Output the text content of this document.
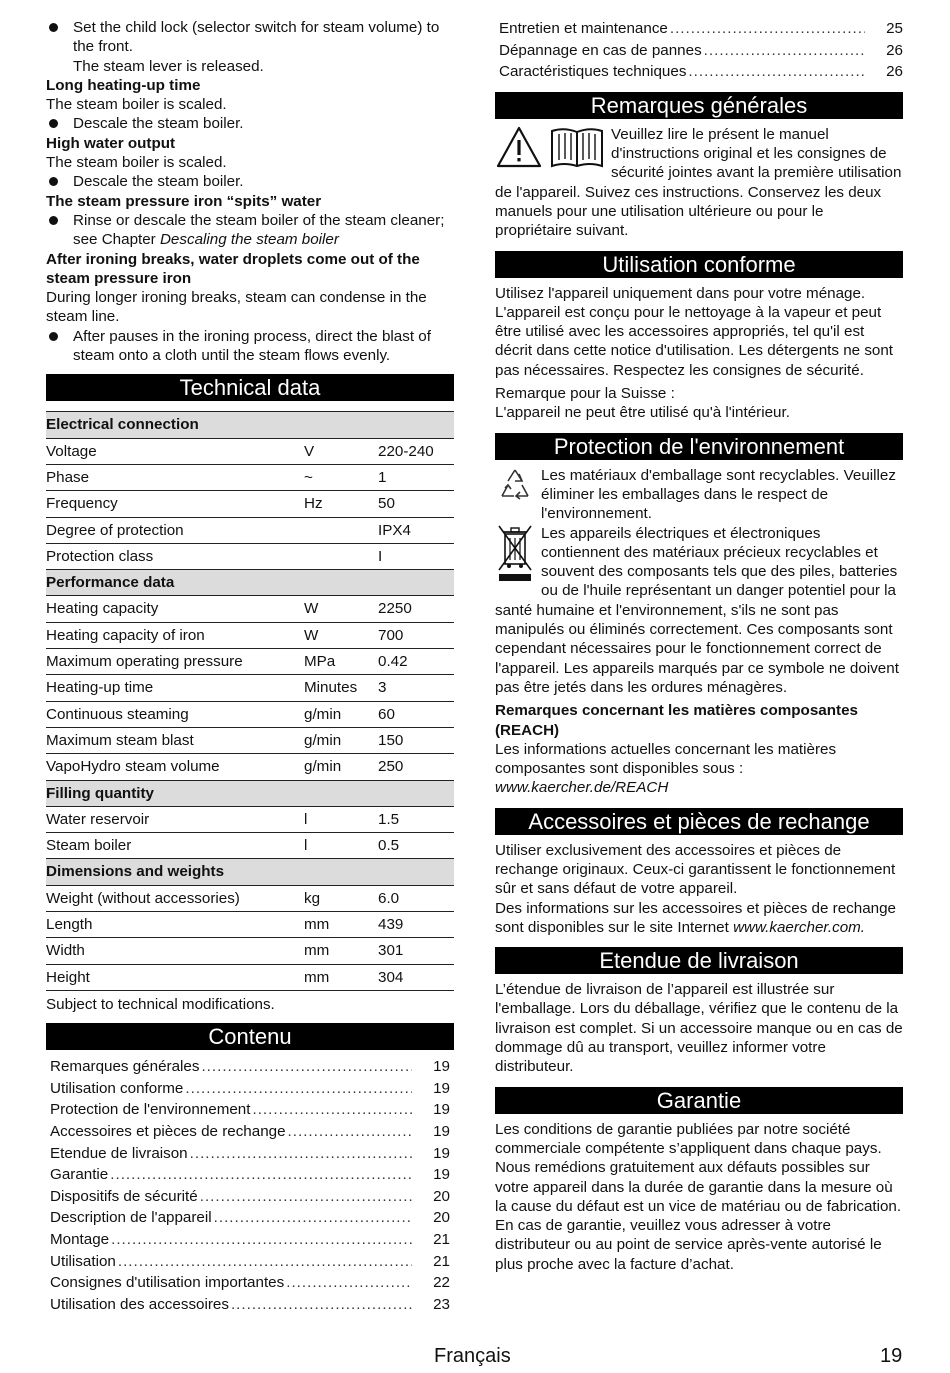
Set the child lock (selector switch for steam volume) to the front.

The steam lever is released.

Long heating-up time

The steam boiler is scaled.

Descale the steam boiler.

High water output

The steam boiler is scaled.

Descale the steam boiler.

The steam pressure iron “spits” water

Rinse or descale the steam boiler of the steam cleaner; see Chapter Descaling the steam boiler

After ironing breaks, water droplets come out of the steam pressure iron

During longer ironing breaks, steam can condense in the steam line.

After pauses in the ironing process, direct the blast of steam onto a cloth until the steam flows evenly.

Technical data
Electrical connection		
Voltage	V	220-240
Phase	~	1
Frequency	Hz	50
Degree of protection		IPX4
Protection class		I
Performance data		
Heating capacity	W	2250
Heating capacity of iron	W	700
Maximum operating pressure	MPa	0.42
Heating-up time	Minutes	3
Continuous steaming	g/min	60
Maximum steam blast	g/min	150
VapoHydro steam volume	g/min	250
Filling quantity		
Water reservoir	l	1.5
Steam boiler	l	0.5
Dimensions and weights		
Weight (without accessories)	kg	6.0
Length	mm	439
Width	mm	301
Height	mm	304

Subject to technical modifications.

Contenu
Remarques générales .....	19
Utilisation conforme .....	19
Protection de l'environnement .....	19
Accessoires et pièces de rechange .....	19
Etendue de livraison .....	19
Garantie .....	19
Dispositifs de sécurité .....	20
Description de l'appareil .....	20
Montage .....	21
Utilisation .....	21
Consignes d'utilisation importantes .....	22
Utilisation des accessoires .....	23
Entretien et maintenance .....	25
Dépannage en cas de pannes .....	26
Caractéristiques techniques .....	26
Remarques générales

Veuillez lire le présent le manuel d'instructions original et les consignes de sécurité jointes avant la première utilisation de l'appareil. Suivez ces instructions. Conservez les deux manuels pour une utilisation ultérieure ou pour le propriétaire suivant.

Utilisation conforme

Utilisez l'appareil uniquement dans pour votre ménage. L'appareil est conçu pour le nettoyage à la vapeur et peut être utilisé avec les accessoires appropriés, tel qu'il est décrit dans cette notice d'utilisation. Les détergents ne sont pas nécessaires. Respectez les consignes de sécurité.

Remarque pour la Suisse :

L'appareil ne peut être utilisé qu'à l'intérieur.

Protection de l'environnement

Les matériaux d'emballage sont recyclables. Veuillez éliminer les emballages dans le respect de l'environnement.

Les appareils électriques et électroniques contiennent des matériaux précieux recyclables et souvent des composants tels que des piles, batteries ou de l'huile représentant un danger potentiel pour la santé humaine et l'environnement, s'ils ne sont pas manipulés ou éliminés correctement. Ces composants sont cependant nécessaires pour le fonctionnement correct de l'appareil. Les appareils marqués par ce symbole ne doivent pas être jetés dans les ordures ménagères.

Remarques concernant les matières composantes (REACH)

Les informations actuelles concernant les matières composantes sont disponibles sous : www.kaercher.de/REACH

Accessoires et pièces de rechange

Utiliser exclusivement des accessoires et pièces de rechange originaux. Ceux-ci garantissent le fonctionnement sûr et sans défaut de votre appareil.

Des informations sur les accessoires et pièces de rechange sont disponibles sur le site Internet www.kaercher.com.

Etendue de livraison

L’étendue de livraison de l’appareil est illustrée sur l'emballage. Lors du déballage, vérifiez que le contenu de la livraison est complet. Si un accessoire manque ou en cas de dommage dû au transport, veuillez informer votre distributeur.

Garantie

Les conditions de garantie publiées par notre société commerciale compétente s’appliquent dans chaque pays. Nous remédions gratuitement aux défauts possibles sur votre appareil dans la durée de garantie dans la mesure où la cause du défaut est un vice de matériau ou de fabrication. En cas de garantie, veuillez vous adresser à votre distributeur ou au point de service après-vente autorisé le plus proche avec la facture d’achat.

Français	19
